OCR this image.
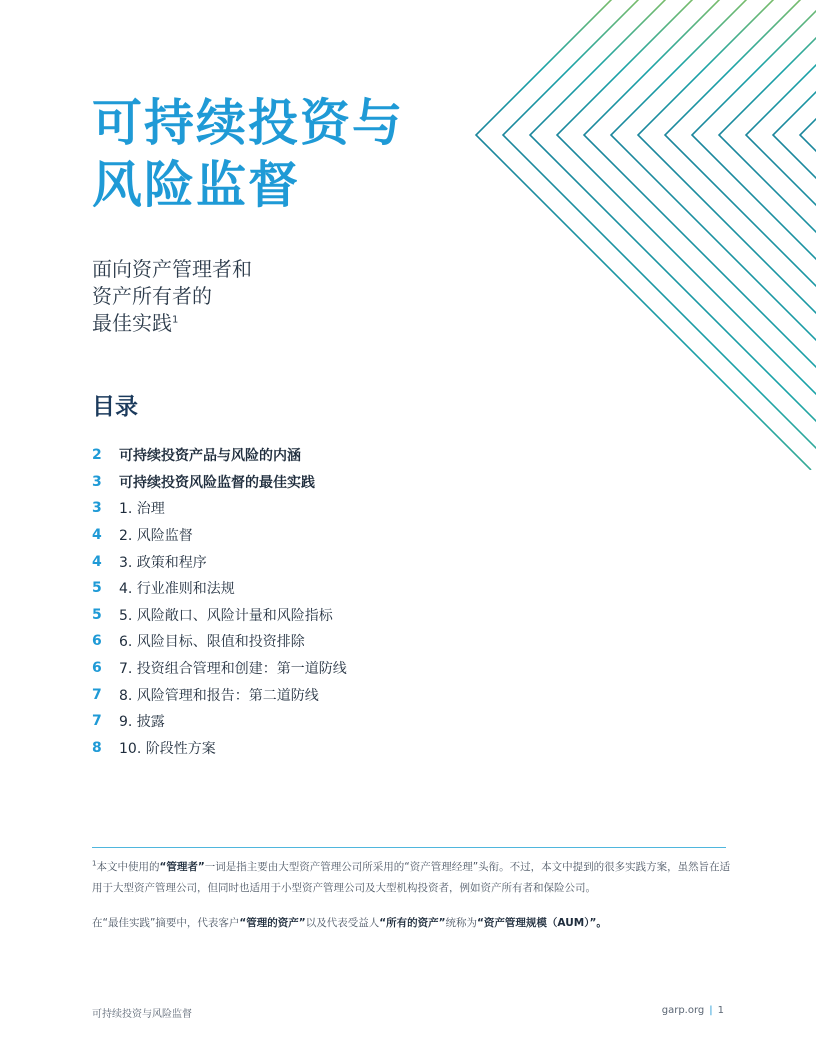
可持续投资与
风险监督

面向资产管理者和
资产所有者的
最佳实践$^1$

目录
2	可持续投资产品与风险的内涵
3	可持续投资风险监督的最佳实践
3	1. 治理
4	2. 风险监督
4	3. 政策和程序
5	4. 行业准则和法规
5	5. 风险敞口、风险计量和风险指标
6	6. 风险目标、限值和投资排除
6	7. 投资组合管理和创建：第一道防线
7	8. 风险管理和报告：第二道防线
7	9. 披露
8	10. 阶段性方案

$^1$本文中使用的“管理者”一词是指主要由大型资产管理公司所采用的“资产管理经理”头衔。不过，本文中提到的很多实践方案，虽然旨在适用于大型资产管理公司，但同时也适用于小型资产管理公司及大型机构投资者，例如资产所有者和保险公司。

在“最佳实践”摘要中，代表客户“管理的资产”以及代表受益人“所有的资产”统称为“资产管理规模（AUM）”。

可持续投资与风险监督	garp.org | 1
